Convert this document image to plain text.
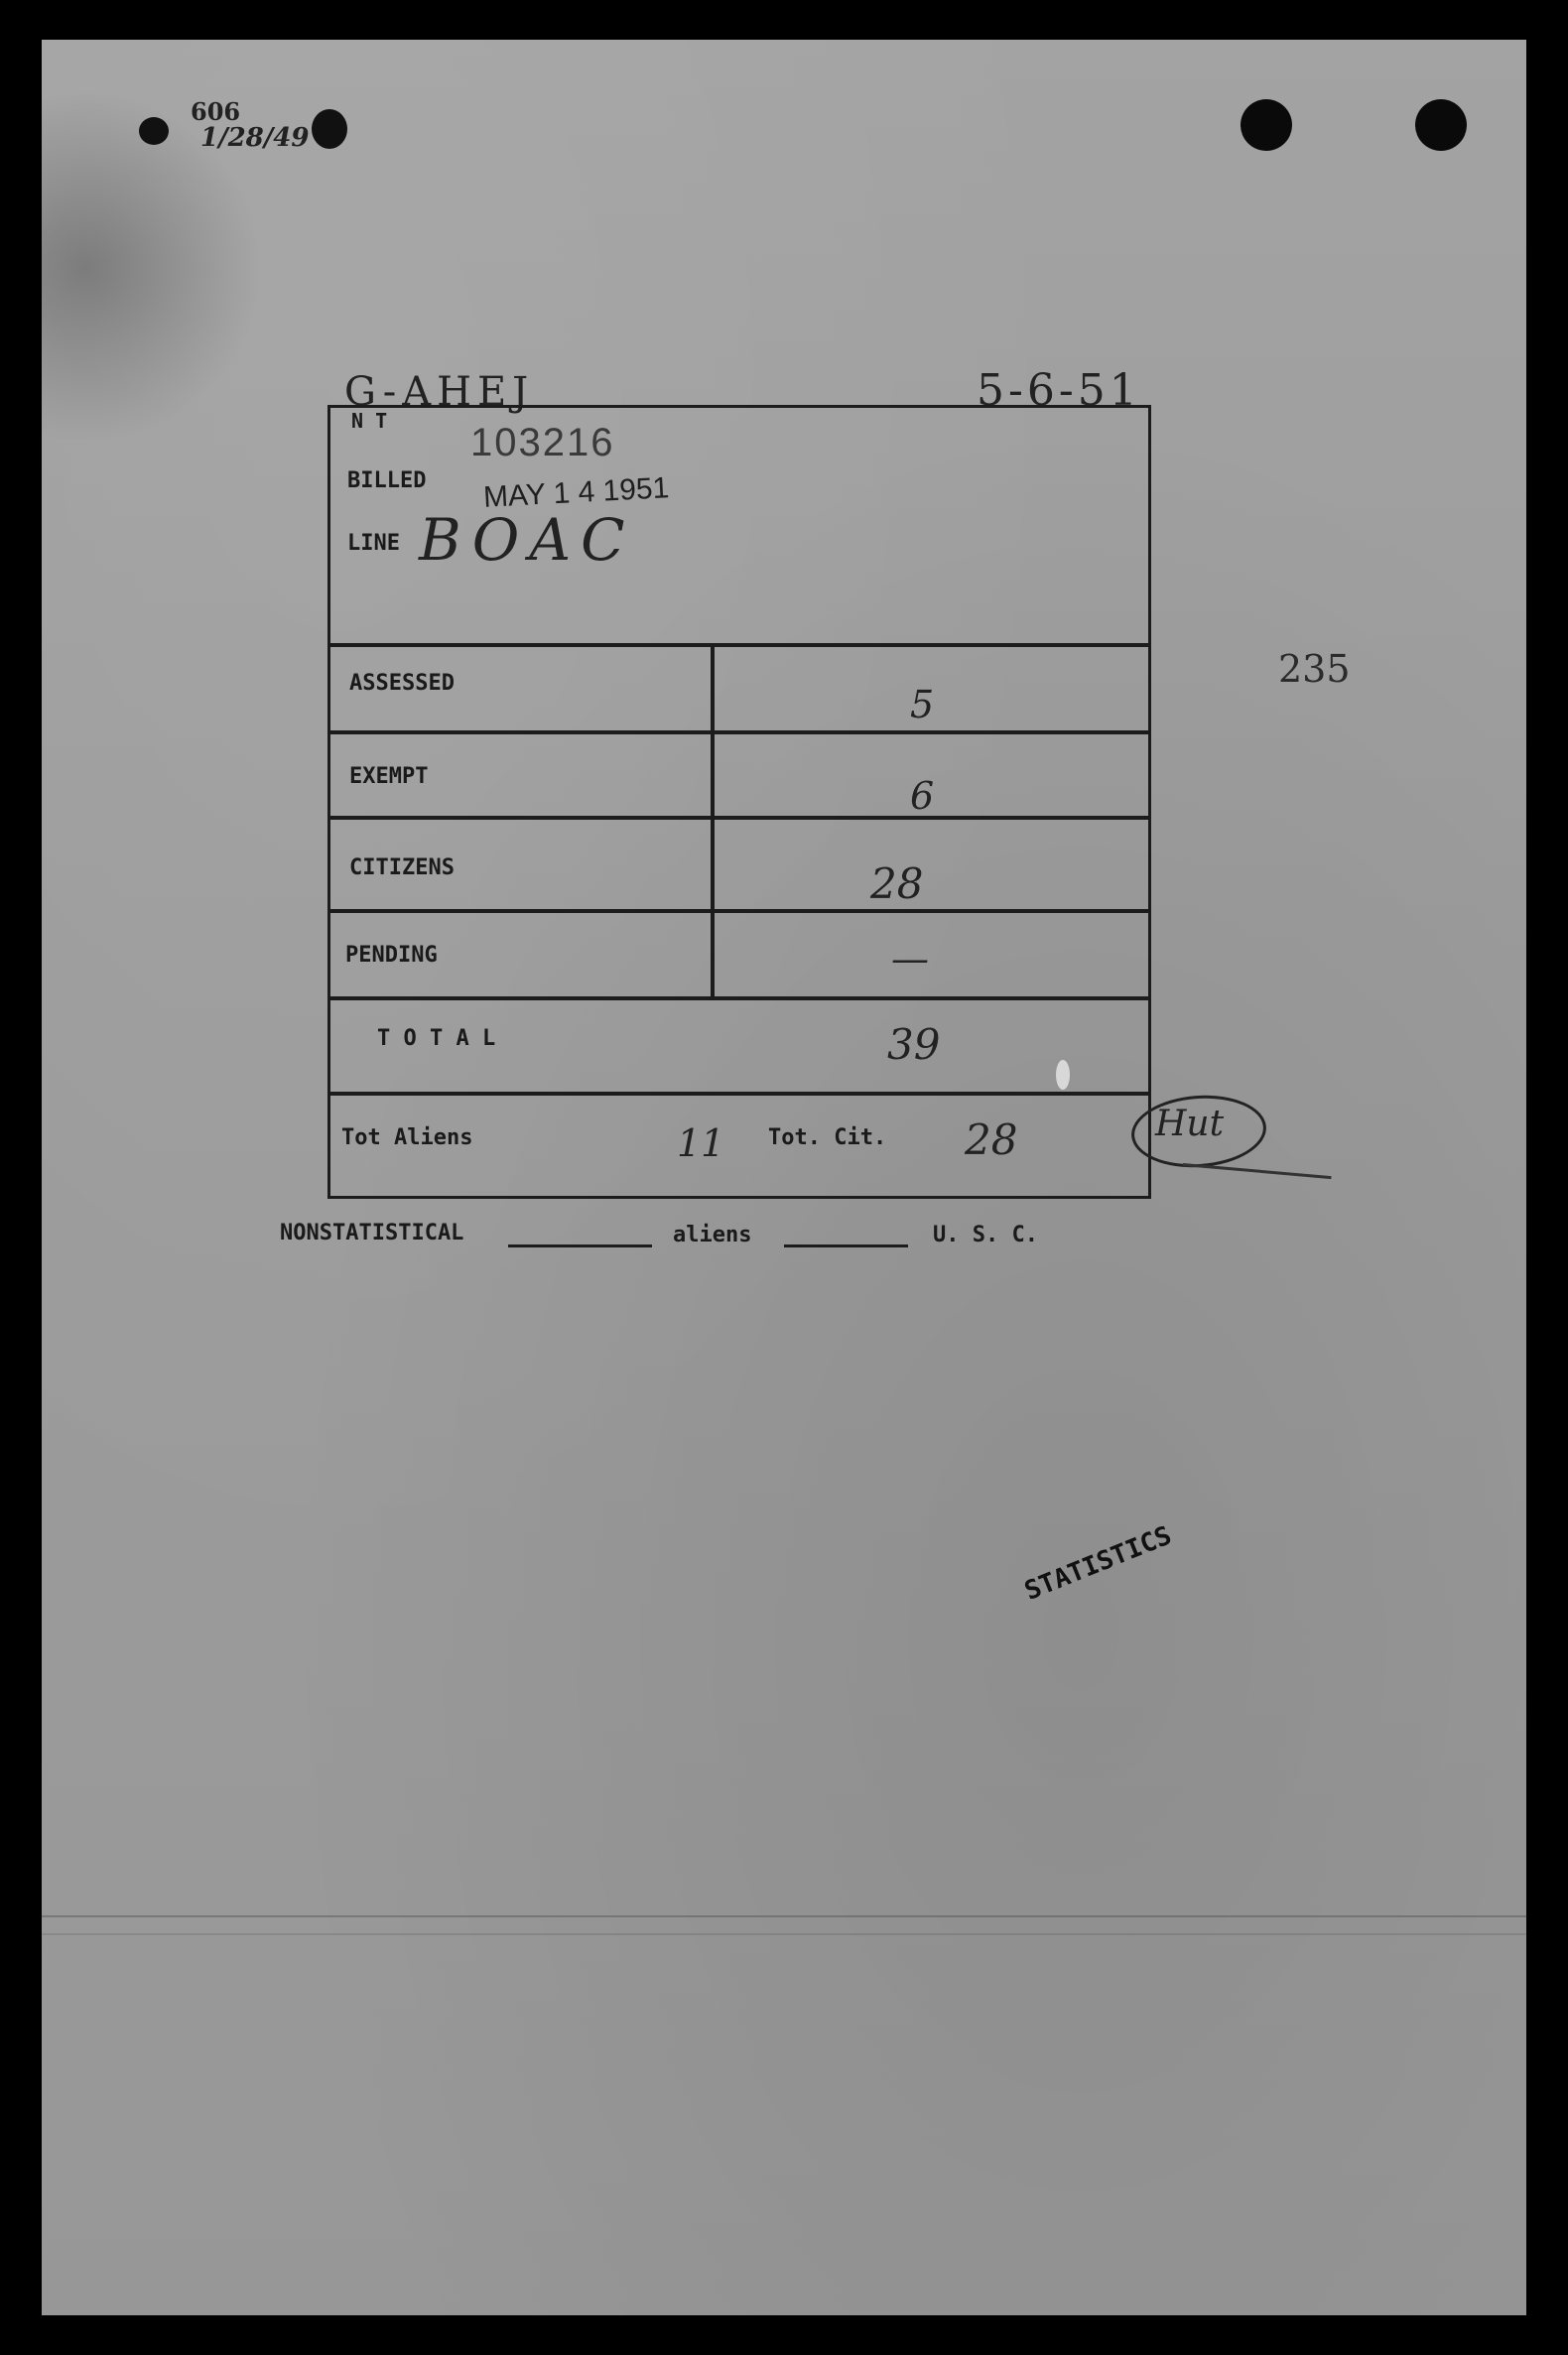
606
1/28/49
G-AHEJ	5-6-51
235
N T 103216
BILLED MAY 1 4 1951
LINE BOAC
ASSESSED	5
EXEMPT	6
CITIZENS	28
PENDING	—
T O T A L	39
Tot Aliens	11 Tot. Cit. 28	Hut
NONSTATISTICAL	aliens	U. S. C.
STATISTICS
